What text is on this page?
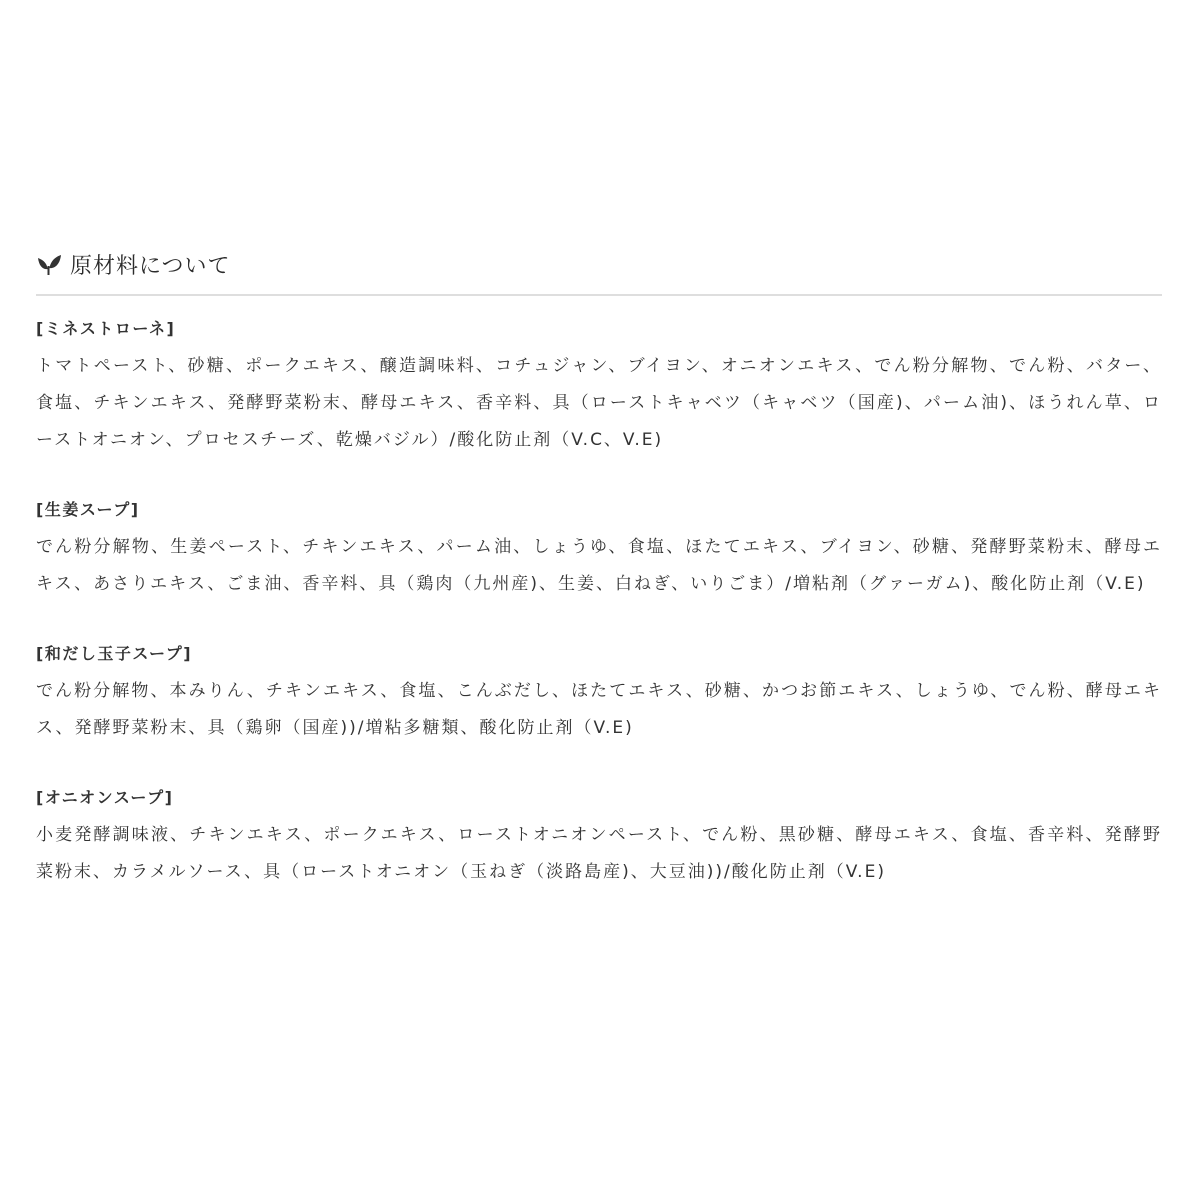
原材料について
[ミネストローネ]
トマトペースト、砂糖、ポークエキス、醸造調味料、コチュジャン、ブイヨン、オニオンエキス、でん粉分解物、でん粉、バター、食塩、チキンエキス、発酵野菜粉末、酵母エキス、香辛料、具（ローストキャベツ（キャベツ（国産)、パーム油)、ほうれん草、ローストオニオン、プロセスチーズ、乾燥バジル）/酸化防止剤（V.C、V.E)
[生姜スープ]
でん粉分解物、生姜ペースト、チキンエキス、パーム油、しょうゆ、食塩、ほたてエキス、ブイヨン、砂糖、発酵野菜粉末、酵母エキス、あさりエキス、ごま油、香辛料、具（鶏肉（九州産)、生姜、白ねぎ、いりごま）/増粘剤（グァーガム)、酸化防止剤（V.E)
[和だし玉子スープ]
でん粉分解物、本みりん、チキンエキス、食塩、こんぶだし、ほたてエキス、砂糖、かつお節エキス、しょうゆ、でん粉、酵母エキス、発酵野菜粉末、具（鶏卵（国産))/増粘多糖類、酸化防止剤（V.E)
[オニオンスープ]
小麦発酵調味液、チキンエキス、ポークエキス、ローストオニオンペースト、でん粉、黒砂糖、酵母エキス、食塩、香辛料、発酵野菜粉末、カラメルソース、具（ローストオニオン（玉ねぎ（淡路島産)、大豆油))/酸化防止剤（V.E)
